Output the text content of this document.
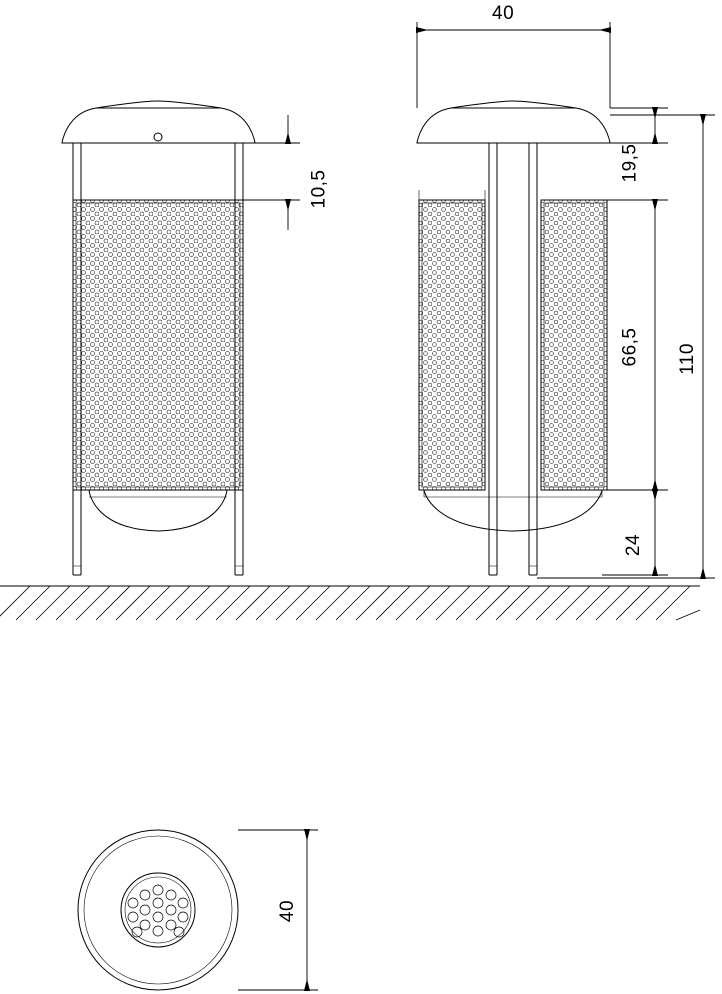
10,5
40
19,5
66,5
24
110
40
